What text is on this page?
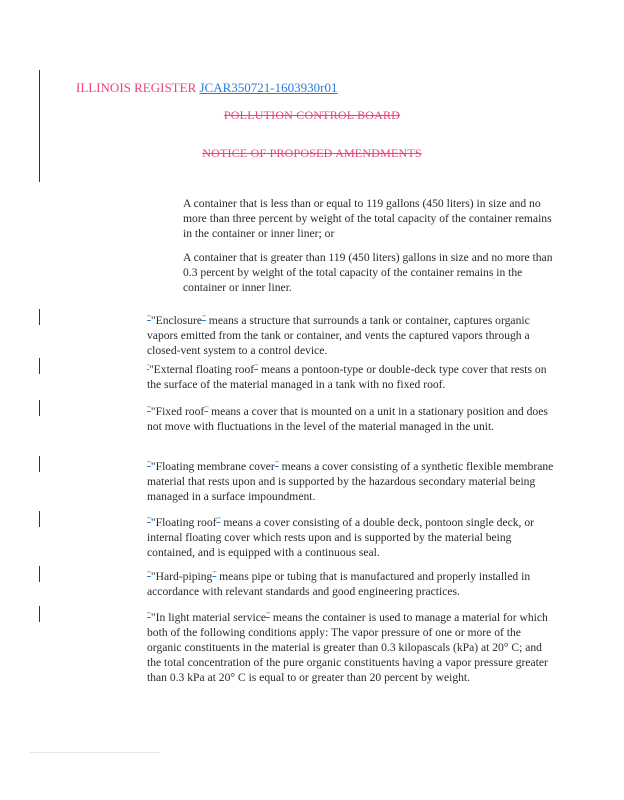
ILLINOIS REGISTER JCAR350721-1603930r01
POLLUTION CONTROL BOARD
NOTICE OF PROPOSED AMENDMENTS

A container that is less than or equal to 119 gallons (450 liters) in size and no more than three percent by weight of the total capacity of the container remains in the container or inner liner; or

A container that is greater than 119 (450 liters) gallons in size and no more than 0.3 percent by weight of the total capacity of the container remains in the container or inner liner.

"""Enclosure"" means a structure that surrounds a tank or container, captures organic vapors emitted from the tank or container, and vents the captured vapors through a closed-vent system to a control device.

""External floating roof"" means a pontoon-type or double-deck type cover that rests on the surface of the material managed in a tank with no fixed roof.

"""Fixed roof"" means a cover that is mounted on a unit in a stationary position and does not move with fluctuations in the level of the material managed in the unit.

"""Floating membrane cover"" means a cover consisting of a synthetic flexible membrane material that rests upon and is supported by the hazardous secondary material being managed in a surface impoundment.

"""Floating roof"" means a cover consisting of a double deck, pontoon single deck, or internal floating cover which rests upon and is supported by the material being contained, and is equipped with a continuous seal.

"""Hard-piping"" means pipe or tubing that is manufactured and properly installed in accordance with relevant standards and good engineering practices.

"""In light material service"" means the container is used to manage a material for which both of the following conditions apply: The vapor pressure of one or more of the organic constituents in the material is greater than 0.3 kilopascals (kPa) at 20° C; and the total concentration of the pure organic constituents having a vapor pressure greater than 0.3 kPa at 20° C is equal to or greater than 20 percent by weight.
